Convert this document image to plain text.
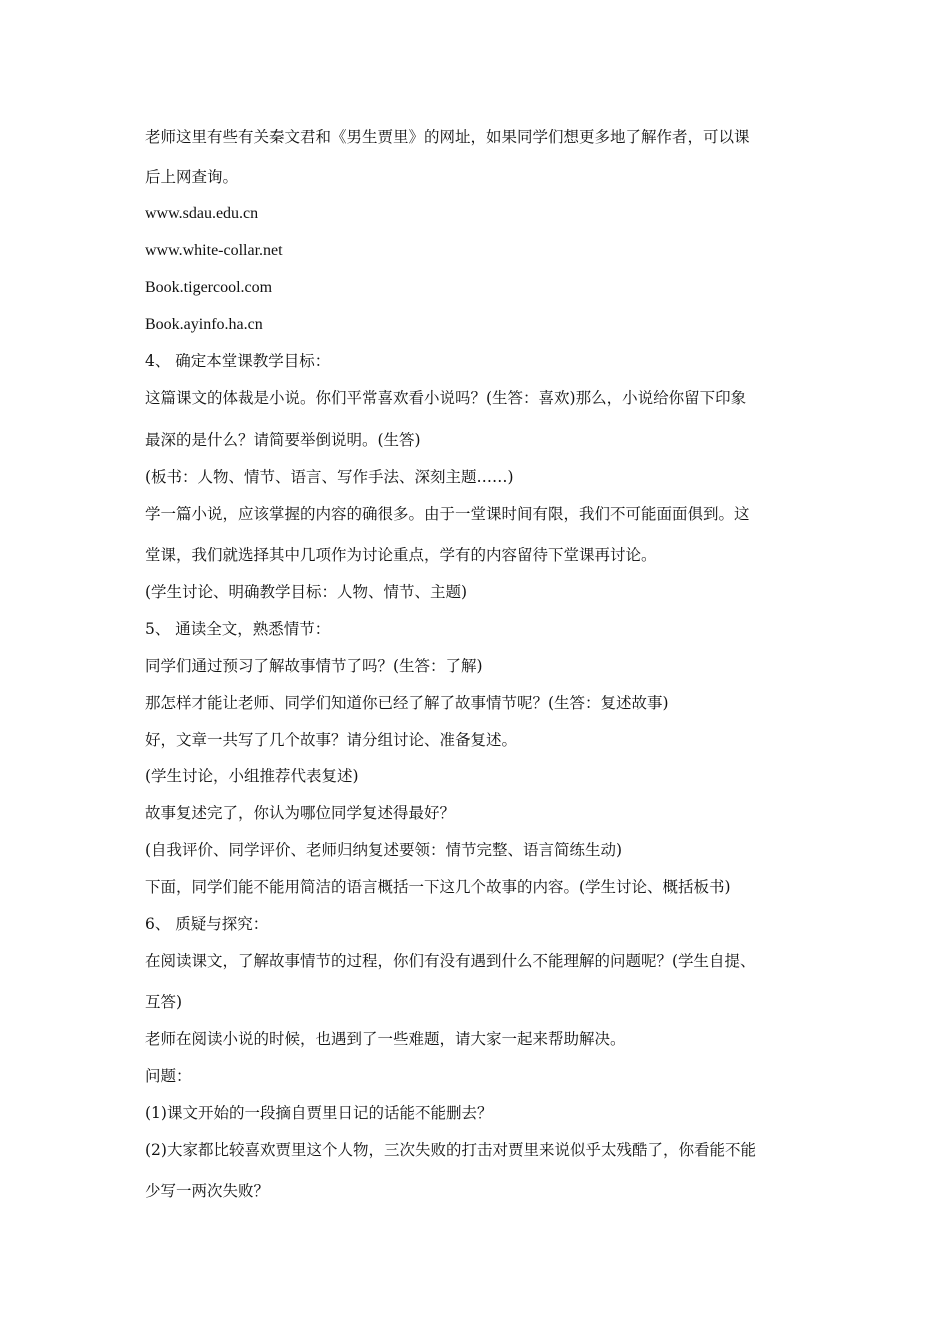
老师这里有些有关秦文君和《男生贾里》的网址，如果同学们想更多地了解作者，可以课

后上网查询。

www.sdau.edu.cn

www.white-collar.net

Book.tigercool.com

Book.ayinfo.ha.cn

4、 确定本堂课教学目标：

这篇课文的体裁是小说。你们平常喜欢看小说吗？(生答：喜欢)那么，小说给你留下印象

最深的是什么？请简要举倒说明。(生答)

(板书：人物、情节、语言、写作手法、深刻主题……)

学一篇小说，应该掌握的内容的确很多。由于一堂课时间有限，我们不可能面面俱到。这

堂课，我们就选择其中几项作为讨论重点，学有的内容留待下堂课再讨论。

(学生讨论、明确教学目标：人物、情节、主题)

5、 通读全文，熟悉情节：

同学们通过预习了解故事情节了吗？(生答：了解)

那怎样才能让老师、同学们知道你已经了解了故事情节呢？(生答：复述故事)

好，文章一共写了几个故事？请分组讨论、准备复述。

(学生讨论，小组推荐代表复述)

故事复述完了，你认为哪位同学复述得最好？

(自我评价、同学评价、老师归纳复述要领：情节完整、语言简练生动)

下面，同学们能不能用简洁的语言概括一下这几个故事的内容。(学生讨论、概括板书)

6、 质疑与探究：

在阅读课文，了解故事情节的过程，你们有没有遇到什么不能理解的问题呢？(学生自提、

互答)

老师在阅读小说的时候，也遇到了一些难题，请大家一起来帮助解决。

问题：

(1)课文开始的一段摘自贾里日记的话能不能删去？

(2)大家都比较喜欢贾里这个人物，三次失败的打击对贾里来说似乎太残酷了，你看能不能

少写一两次失败？
